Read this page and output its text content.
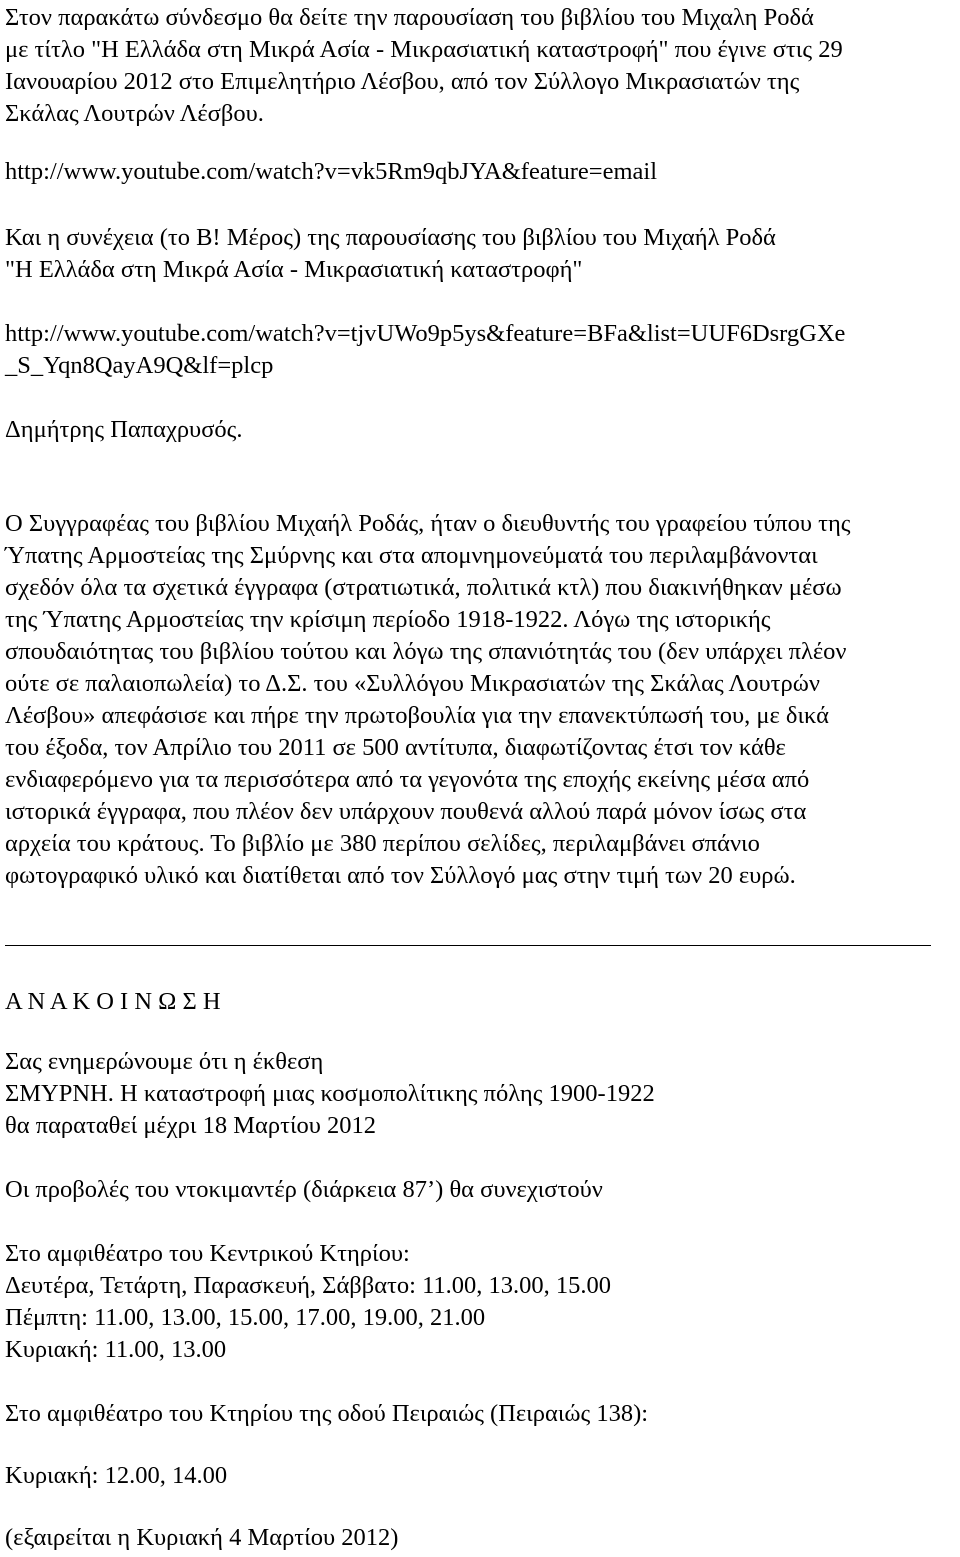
Στον παρακάτω σύνδεσμο θα δείτε την παρουσίαση του βιβλίου του Μιχαλη Ροδά
με τίτλο "Η Ελλάδα στη Μικρά Ασία - Μικρασιατική καταστροφή" που έγινε στις 29
Ιανουαρίου 2012 στο Επιμελητήριο Λέσβου, από τον Σύλλογο Μικρασιατών της
Σκάλας Λουτρών Λέσβου.
http://www.youtube.com/watch?v=vk5Rm9qbJYA&feature=email
Και η συνέχεια (το Β! Μέρος) της παρουσίασης του βιβλίου του Μιχαήλ Ροδά
"Η Ελλάδα στη Μικρά Ασία - Μικρασιατική καταστροφή"
http://www.youtube.com/watch?v=tjvUWo9p5ys&feature=BFa&list=UUF6DsrgGXe
_S_Yqn8QayA9Q&lf=plcp
Δημήτρης Παπαχρυσός.
Ο Συγγραφέας του βιβλίου Μιχαήλ Ροδάς, ήταν ο διευθυντής του γραφείου τύπου της
Ύπατης Αρμοστείας της Σμύρνης και στα απομνημονεύματά του περιλαμβάνονται
σχεδόν όλα τα σχετικά έγγραφα (στρατιωτικά, πολιτικά κτλ) που διακινήθηκαν μέσω
της Ύπατης Αρμοστείας την κρίσιμη περίοδο 1918-1922. Λόγω της ιστορικής
σπουδαιότητας του βιβλίου τούτου και λόγω της σπανιότητάς του (δεν υπάρχει πλέον
ούτε σε παλαιοπωλεία) το Δ.Σ. του «Συλλόγου Μικρασιατών της Σκάλας Λουτρών
Λέσβου» απεφάσισε και πήρε την πρωτοβουλία για την επανεκτύπωσή του, με δικά
του έξοδα, τον Απρίλιο του 2011 σε 500 αντίτυπα, διαφωτίζοντας έτσι τον κάθε
ενδιαφερόμενο για τα περισσότερα από τα γεγονότα της εποχής εκείνης μέσα από
ιστορικά έγγραφα, που πλέον δεν υπάρχουν πουθενά αλλού παρά μόνον ίσως στα
αρχεία του κράτους. Το βιβλίο με 380 περίπου σελίδες, περιλαμβάνει σπάνιο
φωτογραφικό υλικό και διατίθεται από τον Σύλλογό μας στην τιμή των 20 ευρώ.
Α Ν Α Κ Ο Ι Ν Ω Σ Η
Σας ενημερώνουμε ότι η έκθεση
ΣΜΥΡΝΗ. Η καταστροφή μιας κοσμοπολίτικης πόλης 1900-1922
θα παραταθεί μέχρι 18 Μαρτίου 2012
Οι προβολές του ντοκιμαντέρ (διάρκεια 87’) θα συνεχιστούν
Στο αμφιθέατρο του Κεντρικού Κτηρίου:
Δευτέρα, Τετάρτη, Παρασκευή, Σάββατο: 11.00, 13.00, 15.00
Πέμπτη: 11.00, 13.00, 15.00, 17.00, 19.00, 21.00
Κυριακή: 11.00, 13.00
Στο αμφιθέατρο του Κτηρίου της οδού Πειραιώς (Πειραιώς 138):
Κυριακή: 12.00, 14.00
(εξαιρείται η Κυριακή 4 Μαρτίου 2012)
